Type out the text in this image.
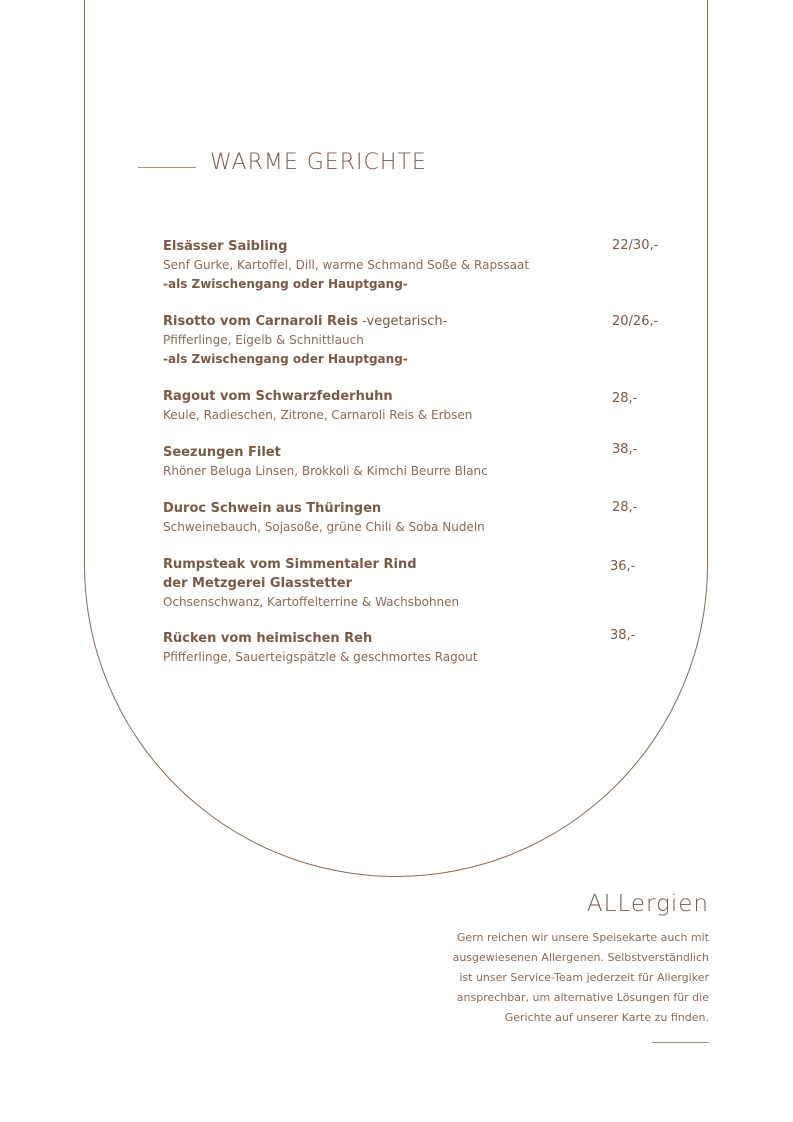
WARME GERICHTE
Elsässer Saibling
Senf Gurke, Kartoffel, Dill, warme Schmand Soße & Rapssaat
-als Zwischengang oder Hauptgang-
22/30,-
Risotto vom Carnaroli Reis -vegetarisch-
Pfifferlinge, Eigelb & Schnittlauch
-als Zwischengang oder Hauptgang-
20/26,-
Ragout vom Schwarzfederhuhn
Keule, Radieschen, Zitrone, Carnaroli Reis & Erbsen
28,-
Seezungen Filet
Rhöner Beluga Linsen, Brokkoli & Kimchi Beurre Blanc
38,-
Duroc Schwein aus Thüringen
Schweinebauch, Sojasoße, grüne Chili & Soba Nudeln
28,-
Rumpsteak vom Simmentaler Rind
der Metzgerei Glasstetter
Ochsenschwanz, Kartoffelterrine & Wachsbohnen
36,-
Rücken vom heimischen Reh
Pfifferlinge, Sauerteigspätzle & geschmortes Ragout
38,-
ALLergien
Gern reichen wir unsere Speisekarte auch mit
ausgewiesenen Allergenen. Selbstverständlich
ist unser Service-Team jederzeit für Allergiker
ansprechbar, um alternative Lösungen für die
Gerichte auf unserer Karte zu finden.
